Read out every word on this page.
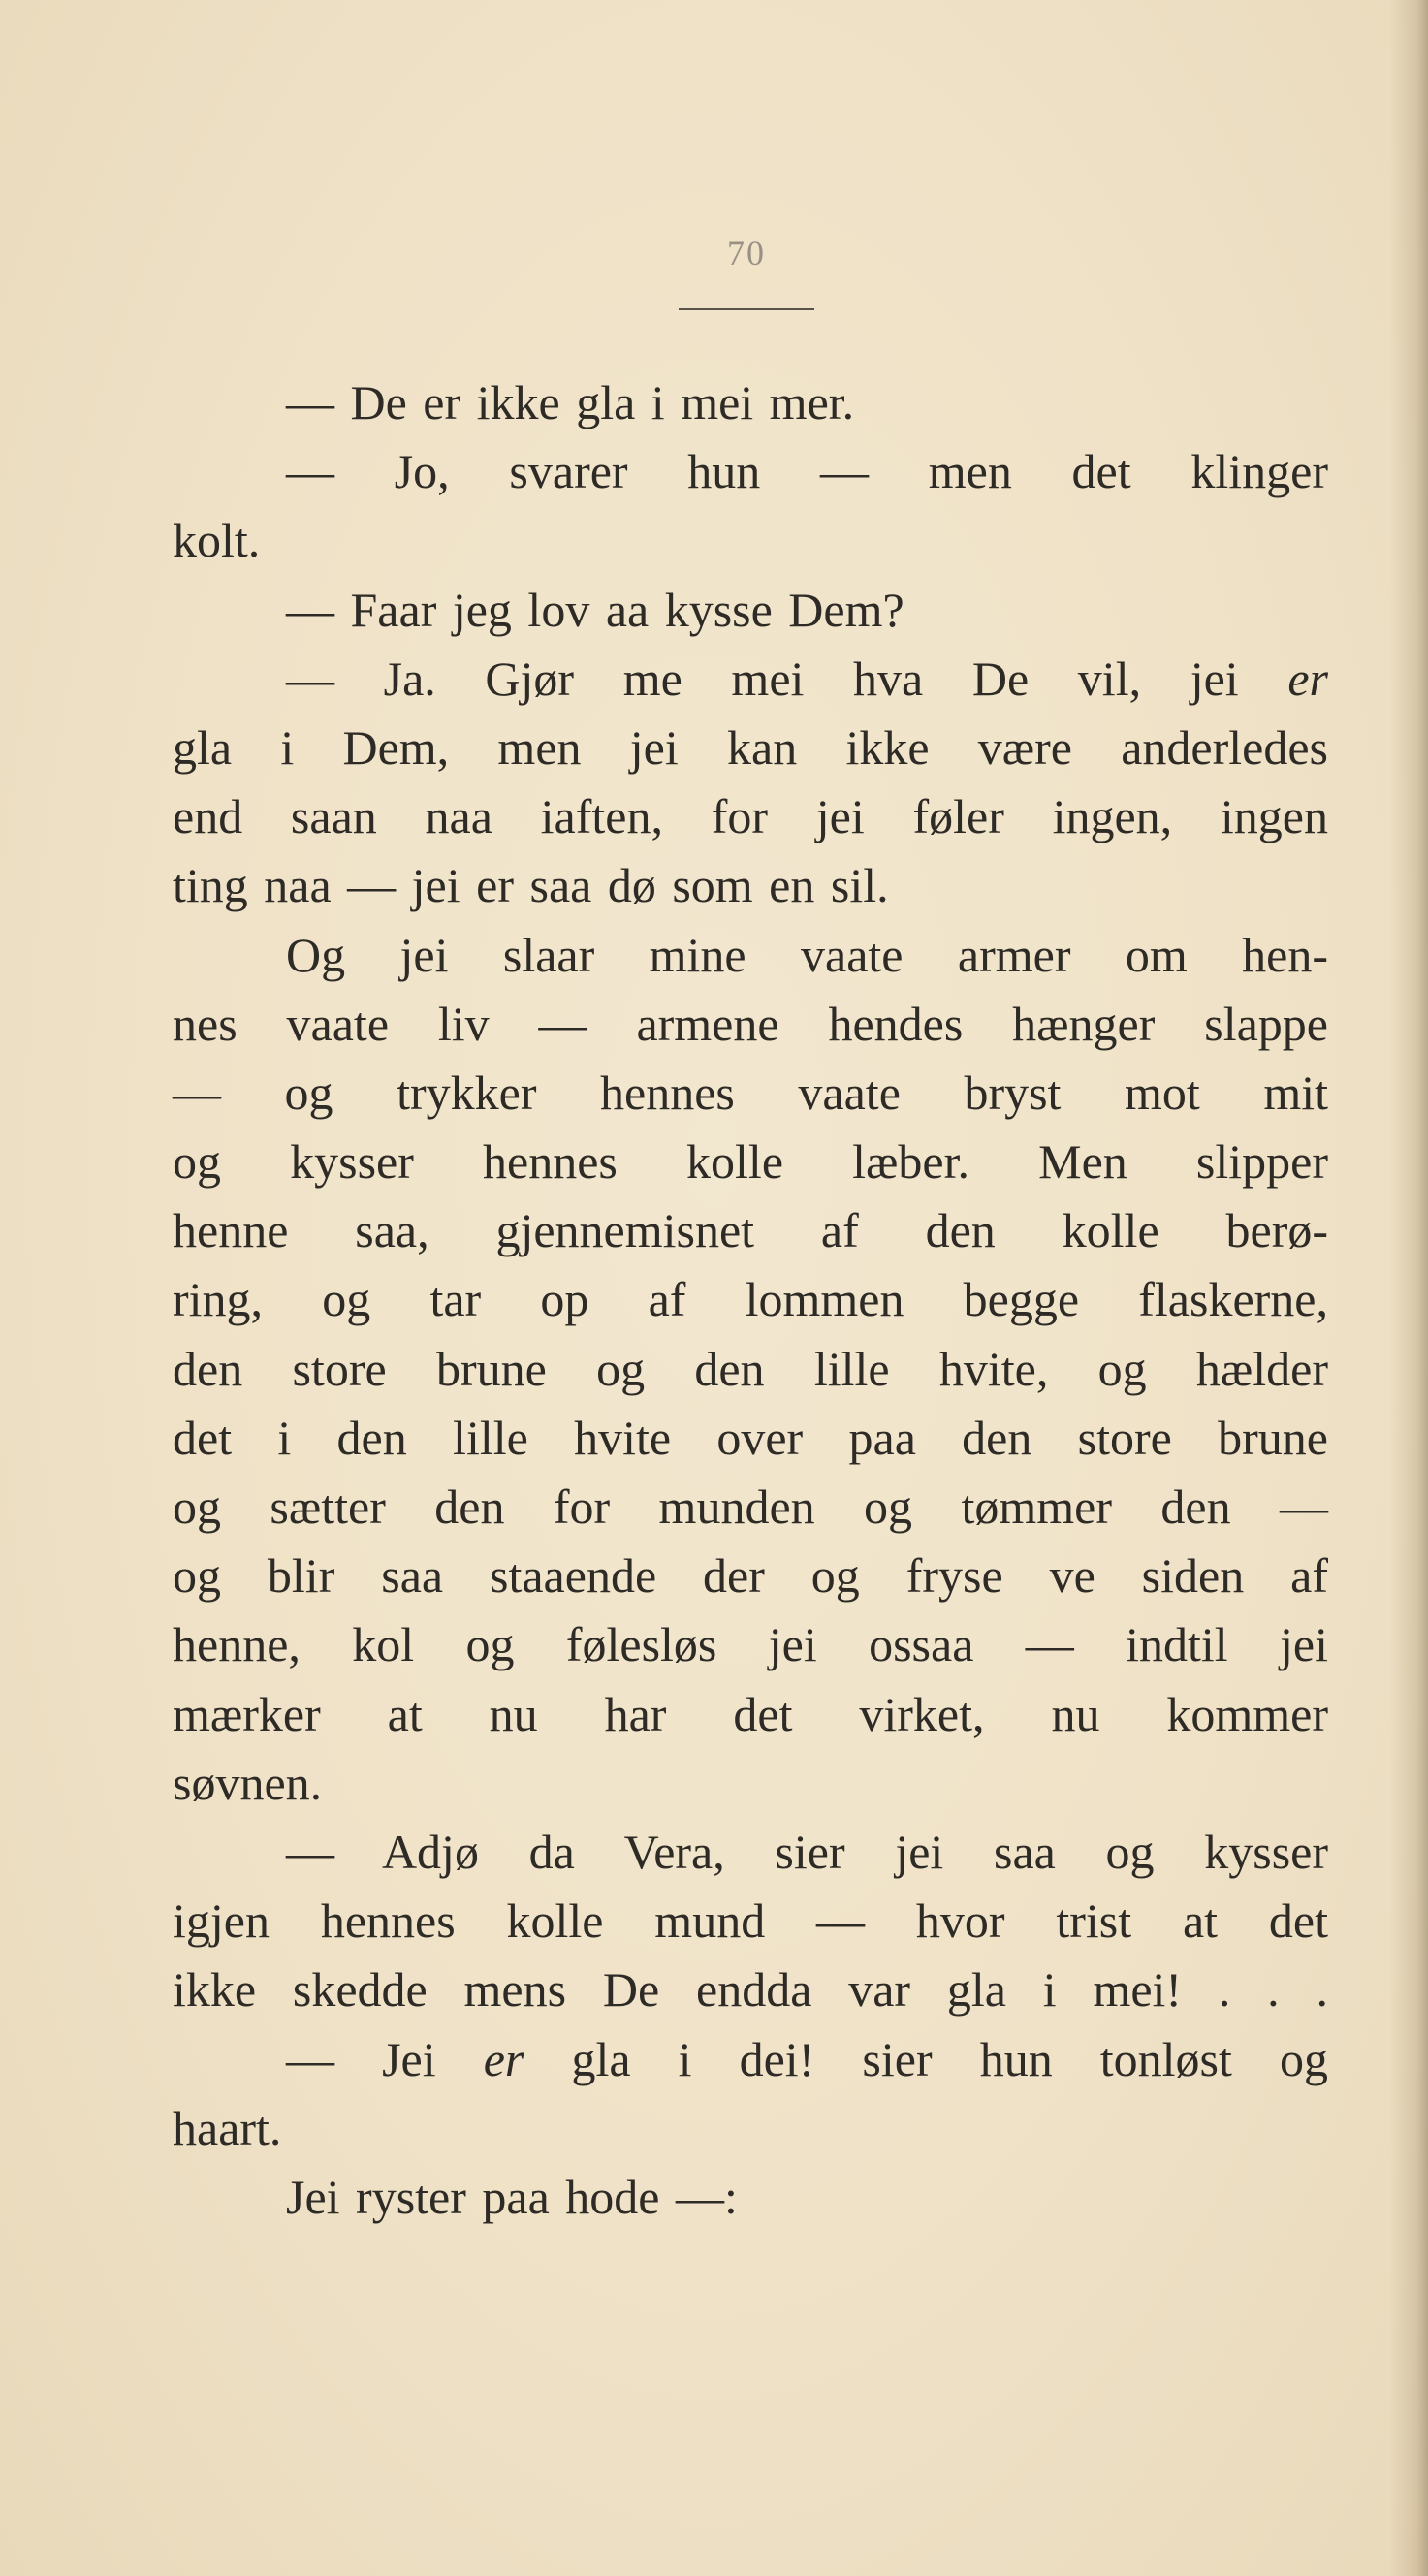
70
— De er ikke gla i mei mer.
— Jo, svarer hun — men det klinger
kolt.
— Faar jeg lov aa kysse Dem?
— Ja. Gjør me mei hva De vil, jei er
gla i Dem, men jei kan ikke være anderledes
end saan naa iaften, for jei føler ingen, ingen
ting naa — jei er saa dø som en sil.
Og jei slaar mine vaate armer om hen-
nes vaate liv — armene hendes hænger slappe
— og trykker hennes vaate bryst mot mit
og kysser hennes kolle læber. Men slipper
henne saa, gjennemisnet af den kolle berø-
ring, og tar op af lommen begge flaskerne,
den store brune og den lille hvite, og hælder
det i den lille hvite over paa den store brune
og sætter den for munden og tømmer den —
og blir saa staaende der og fryse ve siden af
henne, kol og følesløs jei ossaa — indtil jei
mærker at nu har det virket, nu kommer
søvnen.
— Adjø da Vera, sier jei saa og kysser
igjen hennes kolle mund — hvor trist at det
ikke skedde mens De endda var gla i mei! . . .
— Jei er gla i dei! sier hun tonløst og
haart.
Jei ryster paa hode —:
